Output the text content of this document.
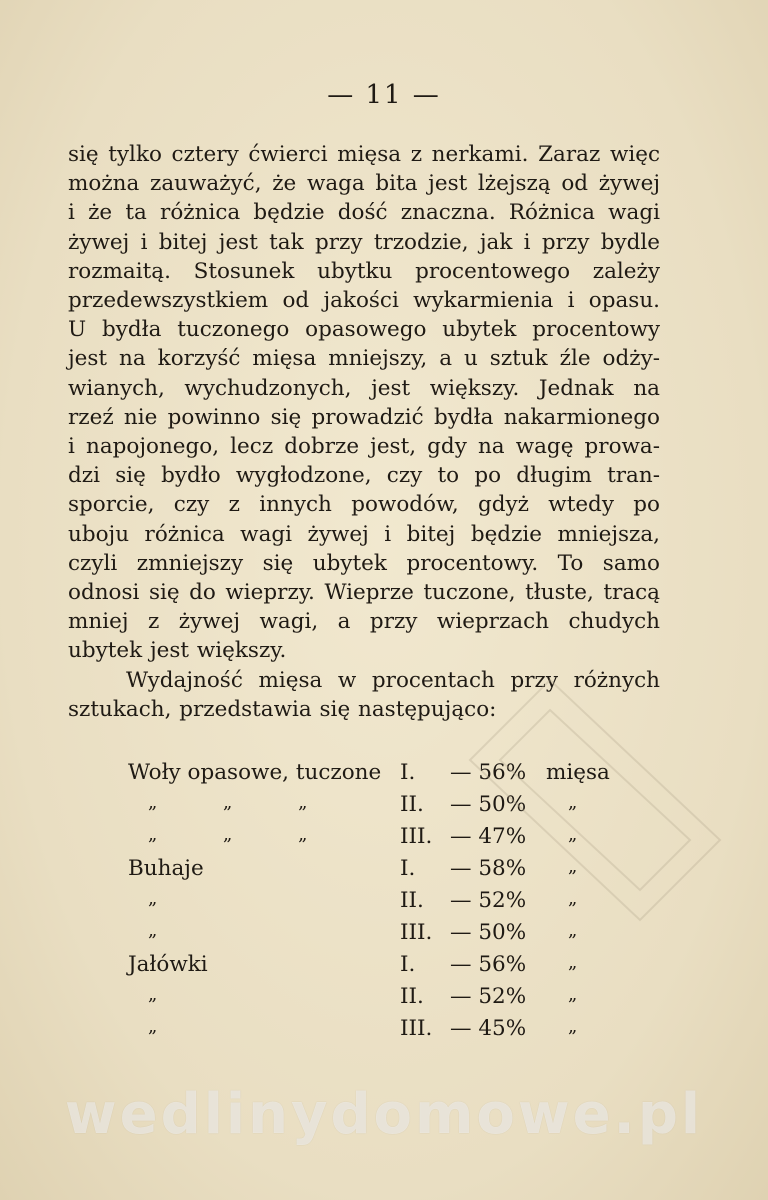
— 11 —
się tylko cztery ćwierci mięsa z nerkami. Zaraz więc
można zauważyć, że waga bita jest lżejszą od żywej
i że ta różnica będzie dość znaczna. Różnica wagi
żywej i bitej jest tak przy trzodzie, jak i przy bydle
rozmaitą. Stosunek ubytku procentowego zależy
przedewszystkiem od jakości wykarmienia i opasu.
U bydła tuczonego opasowego ubytek procentowy
jest na korzyść mięsa mniejszy, a u sztuk źle odży-
wianych, wychudzonych, jest większy. Jednak na
rzeź nie powinno się prowadzić bydła nakarmionego
i napojonego, lecz dobrze jest, gdy na wagę prowa-
dzi się bydło wygłodzone, czy to po długim tran-
sporcie, czy z innych powodów, gdyż wtedy po
uboju różnica wagi żywej i bitej będzie mniejsza,
czyli zmniejszy się ubytek procentowy. To samo
odnosi się do wieprzy. Wieprze tuczone, tłuste, tracą
mniej z żywej wagi, a przy wieprzach chudych
ubytek jest większy.
Wydajność mięsa w procentach przy różnych
sztukach, przedstawia się następująco:
Woły opasowe, tuczone I. — 56% mięsa
„ „ „	II. — 50% „
„ „ „	III. — 47% „
Buhaje	I. — 58% „
„	II. — 52% „
„	III. — 50% „
Jałówki	I. — 56% „
„	II. — 52% „
„	III. — 45% „
wedlinydomowe.pl
